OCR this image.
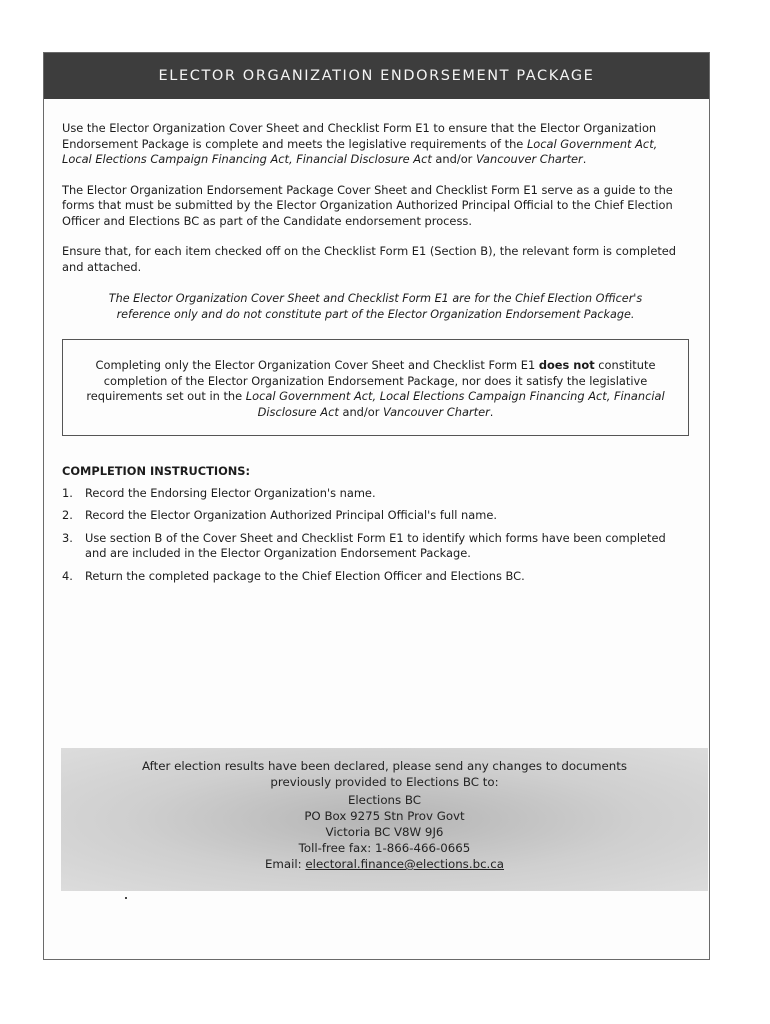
ELECTOR ORGANIZATION ENDORSEMENT PACKAGE

Use the Elector Organization Cover Sheet and Checklist Form E1 to ensure that the Elector Organization Endorsement Package is complete and meets the legislative requirements of the Local Government Act, Local Elections Campaign Financing Act, Financial Disclosure Act and/or Vancouver Charter.

The Elector Organization Endorsement Package Cover Sheet and Checklist Form E1 serve as a guide to the forms that must be submitted by the Elector Organization Authorized Principal Official to the Chief Election Officer and Elections BC as part of the Candidate endorsement process.

Ensure that, for each item checked off on the Checklist Form E1 (Section B), the relevant form is completed and attached.

The Elector Organization Cover Sheet and Checklist Form E1 are for the Chief Election Officer's reference only and do not constitute part of the Elector Organization Endorsement Package.
Completing only the Elector Organization Cover Sheet and Checklist Form E1 does not constitute completion of the Elector Organization Endorsement Package, nor does it satisfy the legislative requirements set out in the Local Government Act, Local Elections Campaign Financing Act, Financial Disclosure Act and/or Vancouver Charter.
COMPLETION INSTRUCTIONS:
1.	Record the Endorsing Elector Organization's name.
2.	Record the Elector Organization Authorized Principal Official's full name.
3.	Use section B of the Cover Sheet and Checklist Form E1 to identify which forms have been completed and are included in the Elector Organization Endorsement Package.
4.	Return the completed package to the Chief Election Officer and Elections BC.
After election results have been declared, please send any changes to documents previously provided to Elections BC to:
Elections BC
PO Box 9275 Stn Prov Govt
Victoria BC V8W 9J6
Toll-free fax: 1-866-466-0665
Email: electoral.finance@elections.bc.ca
